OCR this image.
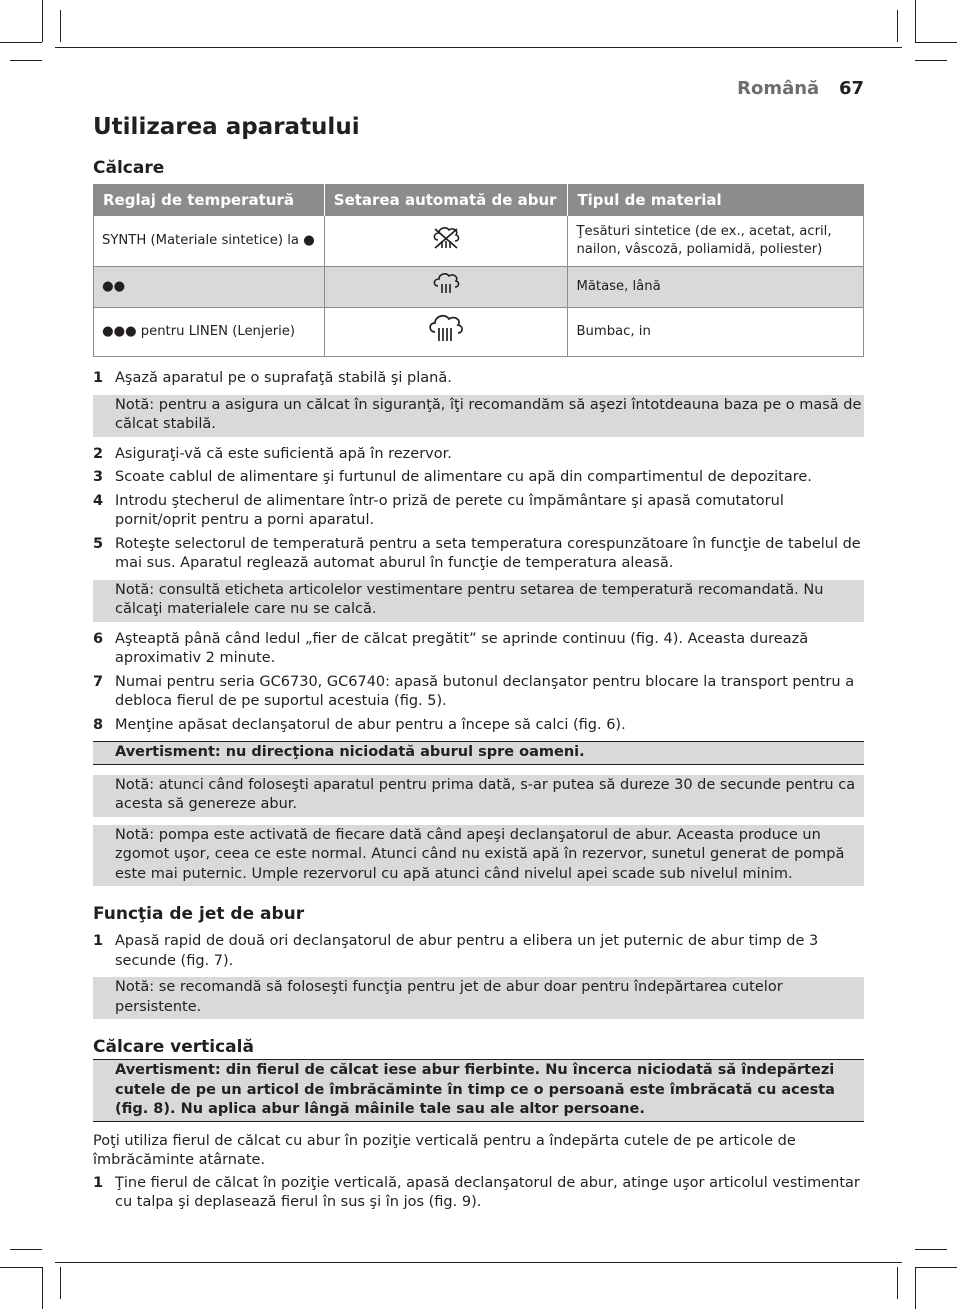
Română 67
Utilizarea aparatului
Călcare
Reglaj de temperatură	Setarea automată de abur	Tipul de material
SYNTH (Materiale sintetice) la ●		Ţesături sintetice (de ex., acetat, acril, nailon, vâscoză, poliamidă, poliester)
●●		Mătase, lână
●●● pentru LINEN (Lenjerie)		Bumbac, in
1 Aşază aparatul pe o suprafaţă stabilă şi plană.
Notă: pentru a asigura un călcat în siguranţă, îţi recomandăm să aşezi întotdeauna baza pe o masă de călcat stabilă.
2 Asiguraţi-vă că este suficientă apă în rezervor.
3 Scoate cablul de alimentare şi furtunul de alimentare cu apă din compartimentul de depozitare.
4 Introdu ştecherul de alimentare într-o priză de perete cu împământare şi apasă comutatorul pornit/oprit pentru a porni aparatul.
5 Roteşte selectorul de temperatură pentru a seta temperatura corespunzătoare în funcţie de tabelul de mai sus. Aparatul reglează automat aburul în funcţie de temperatura aleasă.
Notă: consultă eticheta articolelor vestimentare pentru setarea de temperatură recomandată. Nu călcaţi materialele care nu se calcă.
6 Aşteaptă până când ledul „fier de călcat pregătit” se aprinde continuu (fig. 4). Aceasta durează aproximativ 2 minute.
7 Numai pentru seria GC6730, GC6740: apasă butonul declanşator pentru blocare la transport pentru a debloca fierul de pe suportul acestuia (fig. 5).
8 Menţine apăsat declanşatorul de abur pentru a începe să calci (fig. 6).
Avertisment: nu direcţiona niciodată aburul spre oameni.
Notă: atunci când foloseşti aparatul pentru prima dată, s-ar putea să dureze 30 de secunde pentru ca acesta să genereze abur.
Notă: pompa este activată de fiecare dată când apeşi declanşatorul de abur. Aceasta produce un zgomot uşor, ceea ce este normal. Atunci când nu există apă în rezervor, sunetul generat de pompă este mai puternic. Umple rezervorul cu apă atunci când nivelul apei scade sub nivelul minim.
Funcţia de jet de abur
1 Apasă rapid de două ori declanşatorul de abur pentru a elibera un jet puternic de abur timp de 3 secunde (fig. 7).
Notă: se recomandă să foloseşti funcţia pentru jet de abur doar pentru îndepărtarea cutelor persistente.
Călcare verticală
Avertisment: din fierul de călcat iese abur fierbinte. Nu încerca niciodată să îndepărtezi cutele de pe un articol de îmbrăcăminte în timp ce o persoană este îmbrăcată cu acesta (fig. 8). Nu aplica abur lângă mâinile tale sau ale altor persoane.
Poţi utiliza fierul de călcat cu abur în poziţie verticală pentru a îndepărta cutele de pe articole de îmbrăcăminte atârnate.
1 Ţine fierul de călcat în poziţie verticală, apasă declanşatorul de abur, atinge uşor articolul vestimentar cu talpa şi deplasează fierul în sus şi în jos (fig. 9).
